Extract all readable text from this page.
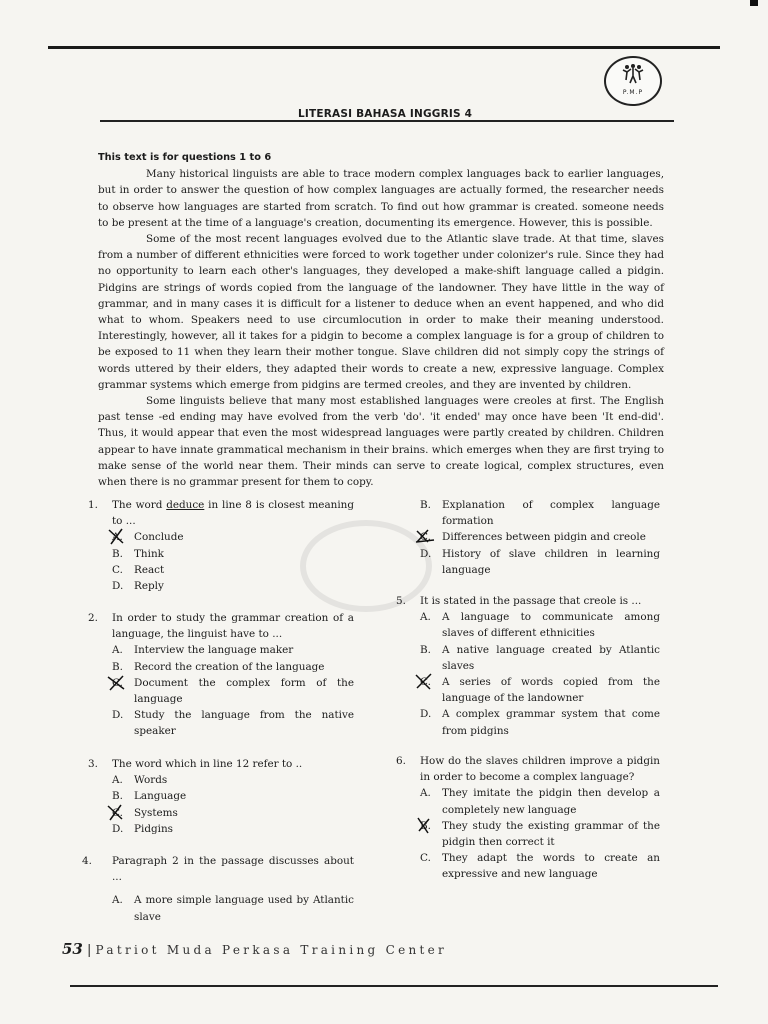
P.M.P
LITERASI BAHASA INGGRIS 4

This text is for questions 1 to 6

Many historical linguists are able to trace modern complex languages back to earlier languages, but in order to answer the question of how complex languages are actually formed, the researcher needs to observe how languages are started from scratch. To find out how grammar is created. someone needs to be present at the time of a language's creation, documenting its emergence. However, this is possible.

Some of the most recent languages evolved due to the Atlantic slave trade. At that time, slaves from a number of different ethnicities were forced to work together under colonizer's rule. Since they had no opportunity to learn each other's languages, they developed a make-shift language called a pidgin. Pidgins are strings of words copied from the language of the landowner. They have little in the way of grammar, and in many cases it is difficult for a listener to deduce when an event happened, and who did what to whom. Speakers need to use circumlocution in order to make their meaning understood. Interestingly, however, all it takes for a pidgin to become a complex language is for a group of children to be exposed to 11 when they learn their mother tongue. Slave children did not simply copy the strings of words uttered by their elders, they adapted their words to create a new, expressive language. Complex grammar systems which emerge from pidgins are termed creoles, and they are invented by children.

Some linguists believe that many most established languages were creoles at first. The English past tense -ed ending may have evolved from the verb 'do'. 'it ended' may once have been 'It end-did'. Thus, it would appear that even the most widespread languages were partly created by children. Children appear to have innate grammatical mechanism in their brains. which emerges when they are first trying to make sense of the world near them. Their minds can serve to create logical, complex structures, even when there is no grammar present for them to copy.

1. The word deduce in line 8 is closest meaning to ...
A. Conclude
B. Think
C. React
D. Reply
2. In order to study the grammar creation of a language, the linguist have to ...
A. Interview the language maker
B. Record the creation of the language
C. Document the complex form of the language
D. Study the language from the native speaker
3. The word which in line 12 refer to ..
A. Words
B. Language
C. Systems
D. Pidgins
4. Paragraph 2 in the passage discusses about ...
A. A more simple language used by Atlantic slave
B. Explanation of complex language formation
C. Differences between pidgin and creole
D. History of slave children in learning language
5. It is stated in the passage that creole is ...
A. A language to communicate among slaves of different ethnicities
B. A native language created by Atlantic slaves
C. A series of words copied from the language of the landowner
D. A complex grammar system that come from pidgins
6. How do the slaves children improve a pidgin in order to become a complex language?
A. They imitate the pidgin then develop a completely new language
B. They study the existing grammar of the pidgin then correct it
C. They adapt the words to create an expressive and new language
53 | Patriot Muda Perkasa Training Center
